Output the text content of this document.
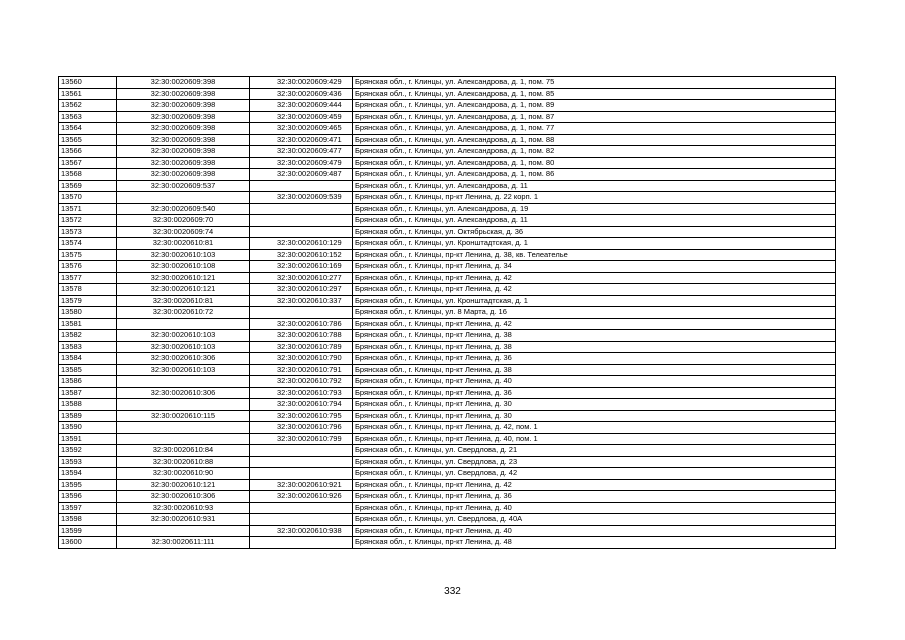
13560	32:30:0020609:398	32:30:0020609:429	Брянская обл., г. Клинцы, ул. Александрова, д. 1, пом. 75
13561	32:30:0020609:398	32:30:0020609:436	Брянская обл., г. Клинцы, ул. Александрова, д. 1, пом. 85
13562	32:30:0020609:398	32:30:0020609:444	Брянская обл., г. Клинцы, ул. Александрова, д. 1, пом. 89
13563	32:30:0020609:398	32:30:0020609:459	Брянская обл., г. Клинцы, ул. Александрова, д. 1, пом. 87
13564	32:30:0020609:398	32:30:0020609:465	Брянская обл., г. Клинцы, ул. Александрова, д. 1, пом. 77
13565	32:30:0020609:398	32:30:0020609:471	Брянская обл., г. Клинцы, ул. Александрова, д. 1, пом. 88
13566	32:30:0020609:398	32:30:0020609:477	Брянская обл., г. Клинцы, ул. Александрова, д. 1, пом. 82
13567	32:30:0020609:398	32:30:0020609:479	Брянская обл., г. Клинцы, ул. Александрова, д. 1, пом. 80
13568	32:30:0020609:398	32:30:0020609:487	Брянская обл., г. Клинцы, ул. Александрова, д. 1, пом. 86
13569	32:30:0020609:537		Брянская обл., г. Клинцы, ул. Александрова, д. 11
13570		32:30:0020609:539	Брянская обл., г. Клинцы, пр-кт Ленина, д. 22 корп. 1
13571	32:30:0020609:540		Брянская обл., г. Клинцы, ул. Александрова, д. 19
13572	32:30:0020609:70		Брянская обл., г. Клинцы, ул. Александрова, д. 11
13573	32:30:0020609:74		Брянская обл., г. Клинцы, ул. Октябрьская, д. 36
13574	32:30:0020610:81	32:30:0020610:129	Брянская обл., г. Клинцы, ул. Кронштадтская, д. 1
13575	32:30:0020610:103	32:30:0020610:152	Брянская обл., г. Клинцы, пр-кт Ленина, д. 38, кв. Телеателье
13576	32:30:0020610:108	32:30:0020610:169	Брянская обл., г. Клинцы, пр-кт Ленина, д. 34
13577	32:30:0020610:121	32:30:0020610:277	Брянская обл., г. Клинцы, пр-кт Ленина, д. 42
13578	32:30:0020610:121	32:30:0020610:297	Брянская обл., г. Клинцы, пр-кт Ленина, д. 42
13579	32:30:0020610:81	32:30:0020610:337	Брянская обл., г. Клинцы, ул. Кронштадтская, д. 1
13580	32:30:0020610:72		Брянская обл., г. Клинцы, ул. 8 Марта, д. 16
13581		32:30:0020610:786	Брянская обл., г. Клинцы, пр-кт Ленина, д. 42
13582	32:30:0020610:103	32:30:0020610:788	Брянская обл., г. Клинцы, пр-кт Ленина, д. 38
13583	32:30:0020610:103	32:30:0020610:789	Брянская обл., г. Клинцы, пр-кт Ленина, д. 38
13584	32:30:0020610:306	32:30:0020610:790	Брянская обл., г. Клинцы, пр-кт Ленина, д. 36
13585	32:30:0020610:103	32:30:0020610:791	Брянская обл., г. Клинцы, пр-кт Ленина, д. 38
13586		32:30:0020610:792	Брянская обл., г. Клинцы, пр-кт Ленина, д. 40
13587	32:30:0020610:306	32:30:0020610:793	Брянская обл., г. Клинцы, пр-кт Ленина, д. 36
13588		32:30:0020610:794	Брянская обл., г. Клинцы, пр-кт Ленина, д. 30
13589	32:30:0020610:115	32:30:0020610:795	Брянская обл., г. Клинцы, пр-кт Ленина, д. 30
13590		32:30:0020610:796	Брянская обл., г. Клинцы, пр-кт Ленина, д. 42, пом. 1
13591		32:30:0020610:799	Брянская обл., г. Клинцы, пр-кт Ленина, д. 40, пом. 1
13592	32:30:0020610:84		Брянская обл., г. Клинцы, ул. Свердлова, д. 21
13593	32:30:0020610:88		Брянская обл., г. Клинцы, ул. Свердлова, д. 23
13594	32:30:0020610:90		Брянская обл., г. Клинцы, ул. Свердлова, д. 42
13595	32:30:0020610:121	32:30:0020610:921	Брянская обл., г. Клинцы, пр-кт Ленина, д. 42
13596	32:30:0020610:306	32:30:0020610:926	Брянская обл., г. Клинцы, пр-кт Ленина, д. 36
13597	32:30:0020610:93		Брянская обл., г. Клинцы, пр-кт Ленина, д. 40
13598	32:30:0020610:931		Брянская обл., г. Клинцы, ул. Свердлова, д. 40А
13599		32:30:0020610:938	Брянская обл., г. Клинцы, пр-кт Ленина, д. 40
13600	32:30:0020611:111		Брянская обл., г. Клинцы, пр-кт Ленина, д. 48
332
